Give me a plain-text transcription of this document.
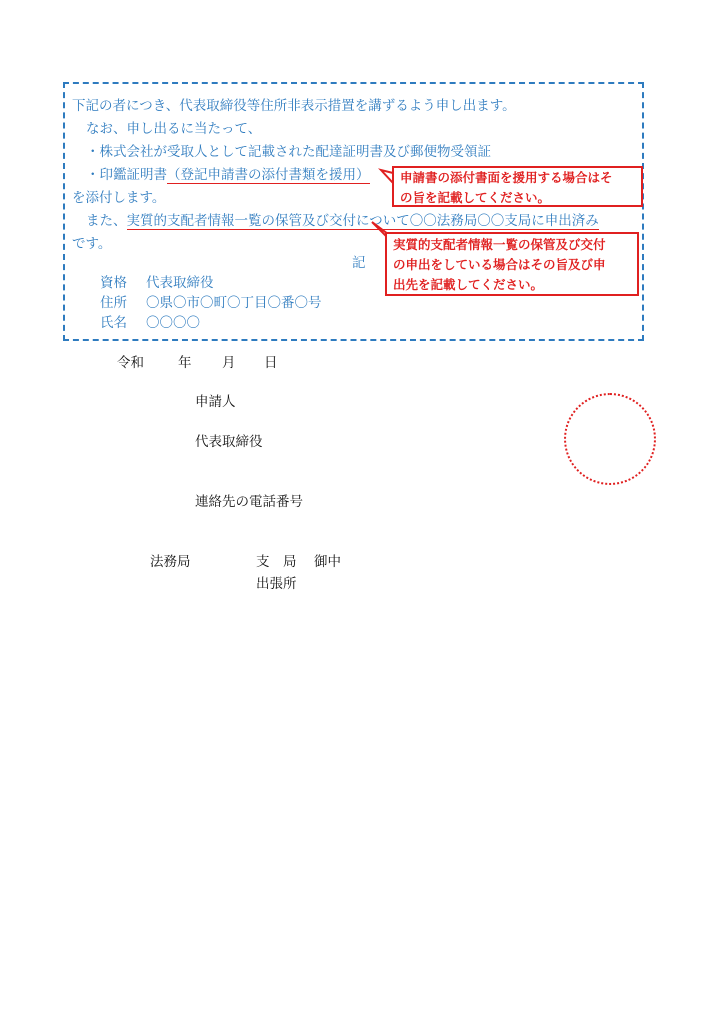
下記の者につき、代表取締役等住所非表示措置を講ずるよう申し出ます。
なお、申し出るに当たって、
・株式会社が受取人として記載された配達証明書及び郵便物受領証
・印鑑証明書（登記申請書の添付書類を援用）
を添付します。
また、実質的支配者情報一覧の保管及び交付について〇〇法務局〇〇支局に申出済み
です。
記
資格 代表取締役
住所 〇県〇市〇町〇丁目〇番〇号
氏名 〇〇〇〇
申請書の添付書面を援用する場合はそ
の旨を記載してください。
実質的支配者情報一覧の保管及び交付
の申出をしている場合はその旨及び申
出先を記載してください。
令和	年 月 日
申請人
代表取締役
連絡先の電話番号
法務局	支　局 御中
出張所
